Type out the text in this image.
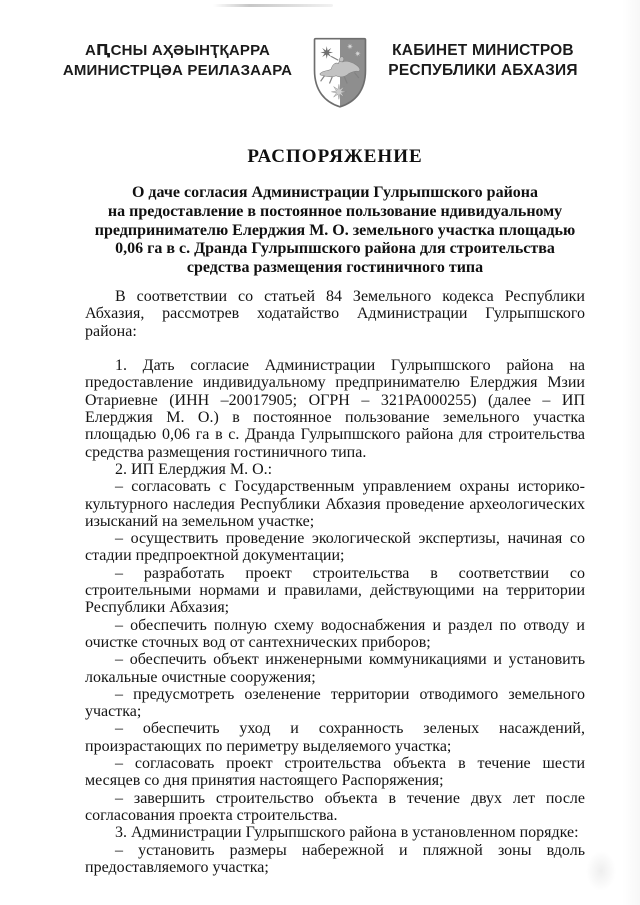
АԤСНЫ АҲӘЫНҬҚАРРА
АМИНИСТРЦӘА РЕИЛАЗААРА
КАБИНЕТ МИНИСТРОВ
РЕСПУБЛИКИ АБХАЗИЯ
РАСПОРЯЖЕНИЕ
О даче согласия Администрации Гулрыпшского района
на предоставление в постоянное пользование ндивидуальному
предпринимателю Елерджия М. О. земельного участка площадью
0,06 га в с. Дранда Гулрыпшского района для строительства
средства размещения гостиничного типа

В соответствии со статьей 84 Земельного кодекса Республики Абхазия, рассмотрев ходатайство Администрации Гулрыпшского района:

1. Дать согласие Администрации Гулрыпшского района на предоставление индивидуальному предпринимателю Елерджия Мзии Отариевне (ИНН –20017905; ОГРН – 321РА000255) (далее – ИП Елерджия М. О.) в постоянное пользование земельного участка площадью 0,06 га в с. Дранда Гулрыпшского района для строительства средства размещения гостиничного типа.

2. ИП Елерджия М. О.:

– согласовать с Государственным управлением охраны историко-культурного наследия Республики Абхазия проведение археологических изысканий на земельном участке;

– осуществить проведение экологической экспертизы, начиная со стадии предпроектной документации;

– разработать проект строительства в соответствии со строительными нормами и правилами, действующими на территории Республики Абхазия;

– обеспечить полную схему водоснабжения и раздел по отводу и очистке сточных вод от сантехнических приборов;

– обеспечить объект инженерными коммуникациями и установить локальные очистные сооружения;

– предусмотреть озеленение территории отводимого земельного участка;

– обеспечить уход и сохранность зеленых насаждений, произрастающих по периметру выделяемого участка;

– согласовать проект строительства объекта в течение шести месяцев со дня принятия настоящего Распоряжения;

– завершить строительство объекта в течение двух лет после согласования проекта строительства.

3. Администрации Гулрыпшского района в установленном порядке:

– установить размеры набережной и пляжной зоны вдоль предоставляемого участка;
